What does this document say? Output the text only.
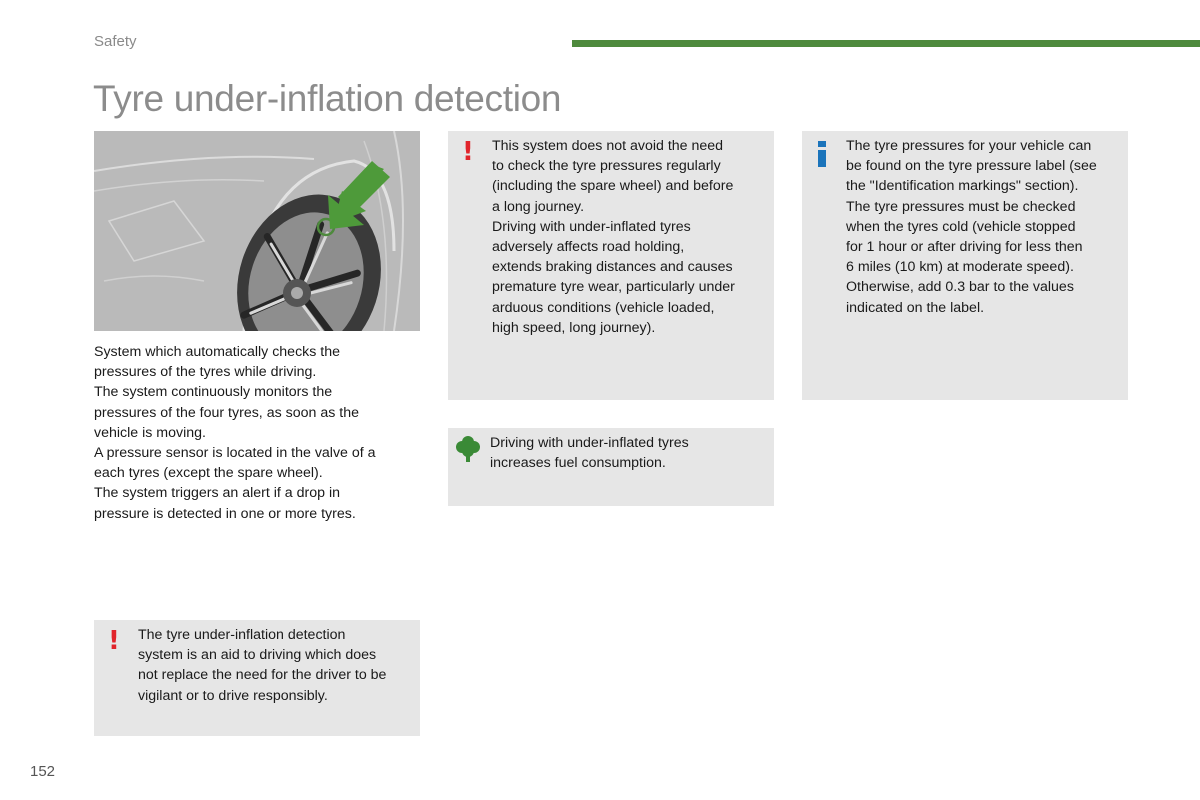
Safety
Tyre under-inflation detection
System which automatically checks the
pressures of the tyres while driving.
The system continuously monitors the
pressures of the four tyres, as soon as the
vehicle is moving.
A pressure sensor is located in the valve of a
each tyres (except the spare wheel).
The system triggers an alert if a drop in
pressure is detected in one or more tyres.
! The tyre under-inflation detection
system is an aid to driving which does
not replace the need for the driver to be
vigilant or to drive responsibly.
! This system does not avoid the need
to check the tyre pressures regularly
(including the spare wheel) and before
a long journey.
Driving with under-inflated tyres
adversely affects road holding,
extends braking distances and causes
premature tyre wear, particularly under
arduous conditions (vehicle loaded,
high speed, long journey).
Driving with under-inflated tyres
increases fuel consumption.
The tyre pressures for your vehicle can
be found on the tyre pressure label (see
the "Identification markings" section).
The tyre pressures must be checked
when the tyres cold (vehicle stopped
for 1 hour or after driving for less then
6 miles (10 km) at moderate speed).
Otherwise, add 0.3 bar to the values
indicated on the label.
152
